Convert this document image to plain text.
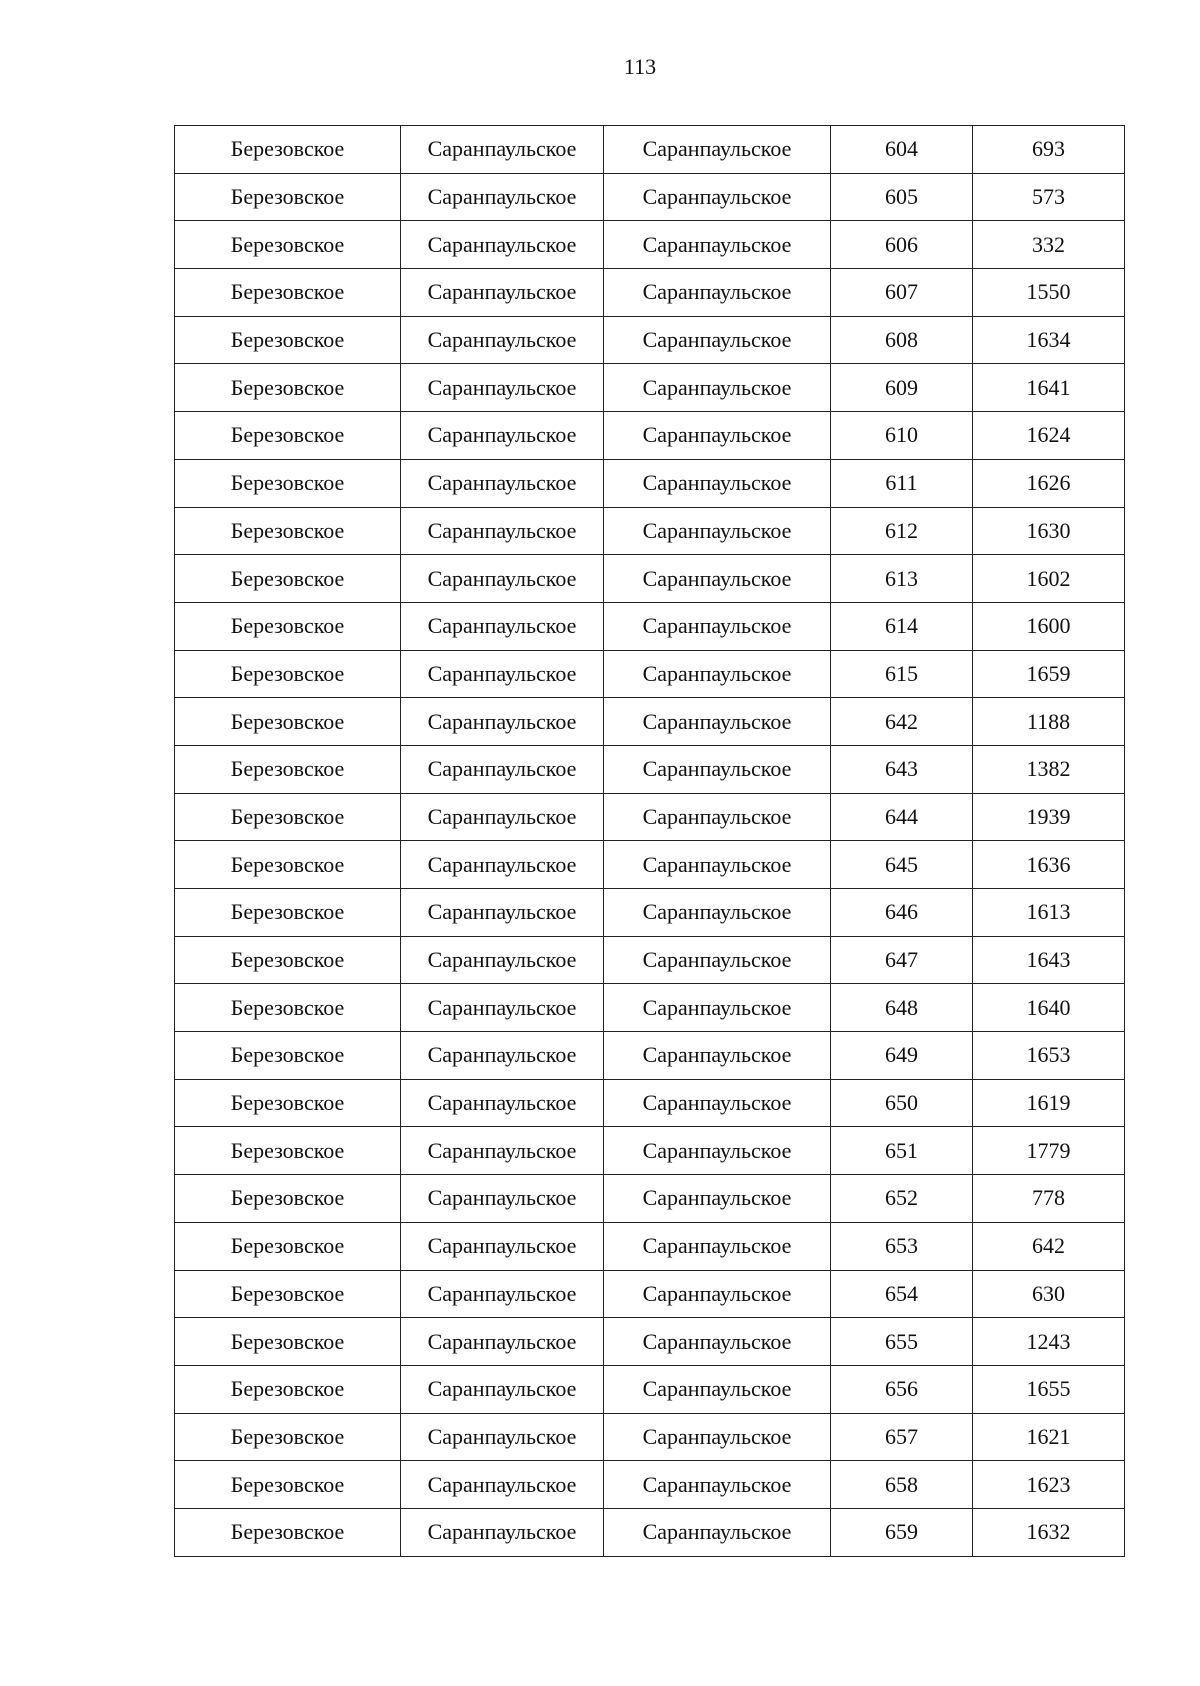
113
Березовское	Саранпаульское	Саранпаульское	604	693
Березовское	Саранпаульское	Саранпаульское	605	573
Березовское	Саранпаульское	Саранпаульское	606	332
Березовское	Саранпаульское	Саранпаульское	607	1550
Березовское	Саранпаульское	Саранпаульское	608	1634
Березовское	Саранпаульское	Саранпаульское	609	1641
Березовское	Саранпаульское	Саранпаульское	610	1624
Березовское	Саранпаульское	Саранпаульское	611	1626
Березовское	Саранпаульское	Саранпаульское	612	1630
Березовское	Саранпаульское	Саранпаульское	613	1602
Березовское	Саранпаульское	Саранпаульское	614	1600
Березовское	Саранпаульское	Саранпаульское	615	1659
Березовское	Саранпаульское	Саранпаульское	642	1188
Березовское	Саранпаульское	Саранпаульское	643	1382
Березовское	Саранпаульское	Саранпаульское	644	1939
Березовское	Саранпаульское	Саранпаульское	645	1636
Березовское	Саранпаульское	Саранпаульское	646	1613
Березовское	Саранпаульское	Саранпаульское	647	1643
Березовское	Саранпаульское	Саранпаульское	648	1640
Березовское	Саранпаульское	Саранпаульское	649	1653
Березовское	Саранпаульское	Саранпаульское	650	1619
Березовское	Саранпаульское	Саранпаульское	651	1779
Березовское	Саранпаульское	Саранпаульское	652	778
Березовское	Саранпаульское	Саранпаульское	653	642
Березовское	Саранпаульское	Саранпаульское	654	630
Березовское	Саранпаульское	Саранпаульское	655	1243
Березовское	Саранпаульское	Саранпаульское	656	1655
Березовское	Саранпаульское	Саранпаульское	657	1621
Березовское	Саранпаульское	Саранпаульское	658	1623
Березовское	Саранпаульское	Саранпаульское	659	1632
